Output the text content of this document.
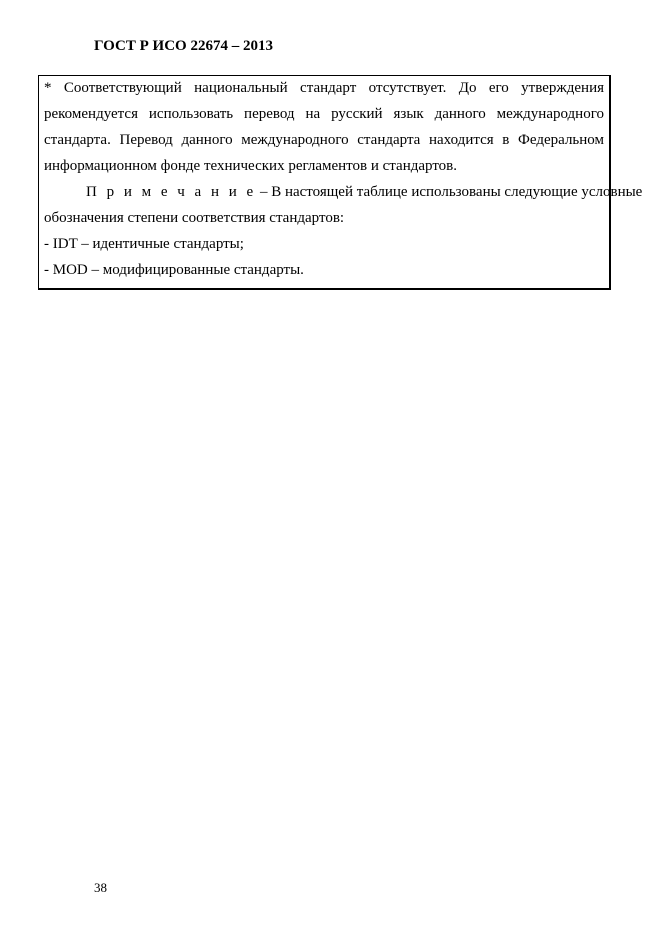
ГОСТ Р ИСО 22674 – 2013
* Соответствующий национальный стандарт отсутствует. До его утверждения
рекомендуется использовать перевод на русский язык данного международного
стандарта. Перевод данного международного стандарта находится в Федеральном
информационном фонде технических регламентов и стандартов.
П р и м е ч а н и е – В настоящей таблице использованы следующие условные
обозначения степени соответствия стандартов:
- IDT – идентичные стандарты;
- MOD – модифицированные стандарты.
38
